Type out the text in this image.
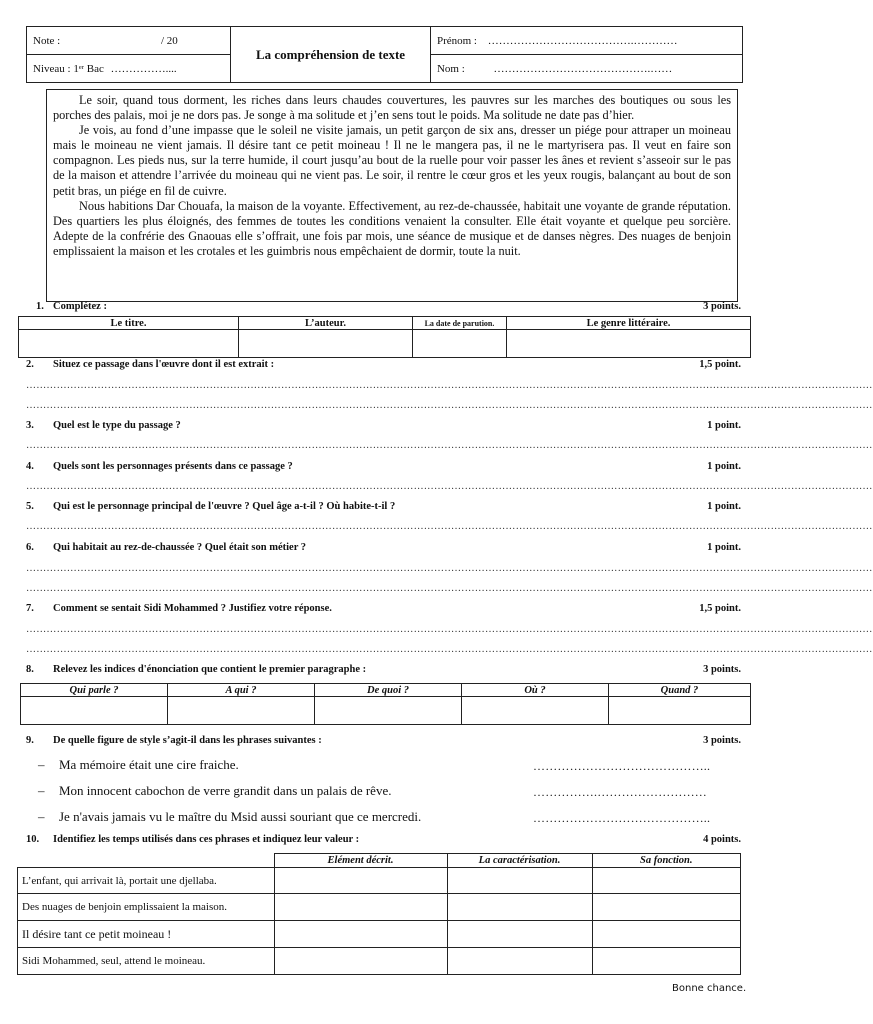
Note : / 20	La compréhension de texte	Prénom : ………………………………….…………
Niveau : 1ᵉʳ Bac ……………....		Nom : …………………………………….……

Le soir, quand tous dorment, les riches dans leurs chaudes couvertures, les pauvres sur les marches des boutiques ou sous les porches des palais, moi je ne dors pas. Je songe à ma solitude et j’en sens tout le poids. Ma solitude ne date pas d’hier.

Je vois, au fond d’une impasse que le soleil ne visite jamais, un petit garçon de six ans, dresser un piége pour attraper un moineau mais le moineau ne vient jamais. Il désire tant ce petit moineau ! Il ne le mangera pas, il ne le martyrisera pas. Il veut en faire son compagnon. Les pieds nus, sur la terre humide, il court jusqu’au bout de la ruelle pour voir passer les ânes et revient s’asseoir sur le pas de la maison et attendre l’arrivée du moineau qui ne vient pas. Le soir, il rentre le cœur gros et les yeux rougis, balançant au bout de son petit bras, un piége en fil de cuivre.

Nous habitions Dar Chouafa, la maison de la voyante. Effectivement, au rez-de-chaussée, habitait une voyante de grande réputation. Des quartiers les plus éloignés, des femmes de toutes les conditions venaient la consulter. Elle était voyante et quelque peu sorcière. Adepte de la confrérie des Gnaouas elle s’offrait, une fois par mois, une séance de musique et de danses nègres. Des nuages de benjoin emplissaient la maison et les crotales et les guimbris nous empêchaient de dormir, toute la nuit.

1. Complétez :	3 points.
Le titre.	L’auteur.	La date de parution.	Le genre littéraire.

2. Situez ce passage dans l'œuvre dont il est extrait :	1,5 point.
……………………………………………………………………………………………………………………………………………………………………………………………………………………………
……………………………………………………………………………………………………………………………………………………………………………………………………………………………
3. Quel est le type du passage ?	1 point.
……………………………………………………………………………………………………………………………………………………………………………………………………………………………
4. Quels sont les personnages présents dans ce passage ?	1 point.
……………………………………………………………………………………………………………………………………………………………………………………………………………………………
5. Qui est le personnage principal de l'œuvre ? Quel âge a-t-il ? Où habite-t-il ?	1 point.
……………………………………………………………………………………………………………………………………………………………………………………………………………………………
6. Qui habitait au rez-de-chaussée ? Quel était son métier ?	1 point.
……………………………………………………………………………………………………………………………………………………………………………………………………………………………
……………………………………………………………………………………………………………………………………………………………………………………………………………………………
7. Comment se sentait Sidi Mohammed ? Justifiez votre réponse.	1,5 point.
……………………………………………………………………………………………………………………………………………………………………………………………………………………………
……………………………………………………………………………………………………………………………………………………………………………………………………………………………
8. Relevez les indices d'énonciation que contient le premier paragraphe :	3 points.
Qui parle ?	A qui ?	De quoi ?	Où ?	Quand ?

9. De quelle figure de style s’agit-il dans les phrases suivantes :	3 points.
– Ma mémoire était une cire fraiche.	……………………………………..
– Mon innocent cabochon de verre grandit dans un palais de rêve.	…………….………………………
– Je n'avais jamais vu le maître du Msid aussi souriant que ce mercredi.	……………………………………..
10. Identifiez les temps utilisés dans ces phrases et indiquez leur valeur :	4 points.
	Elément décrit.	La caractérisation.	Sa fonction.
L’enfant, qui arrivait là, portait une djellaba.			
Des nuages de benjoin emplissaient la maison.			
Il désire tant ce petit moineau !			
Sidi Mohammed, seul, attend le moineau.			
Bonne chance.
